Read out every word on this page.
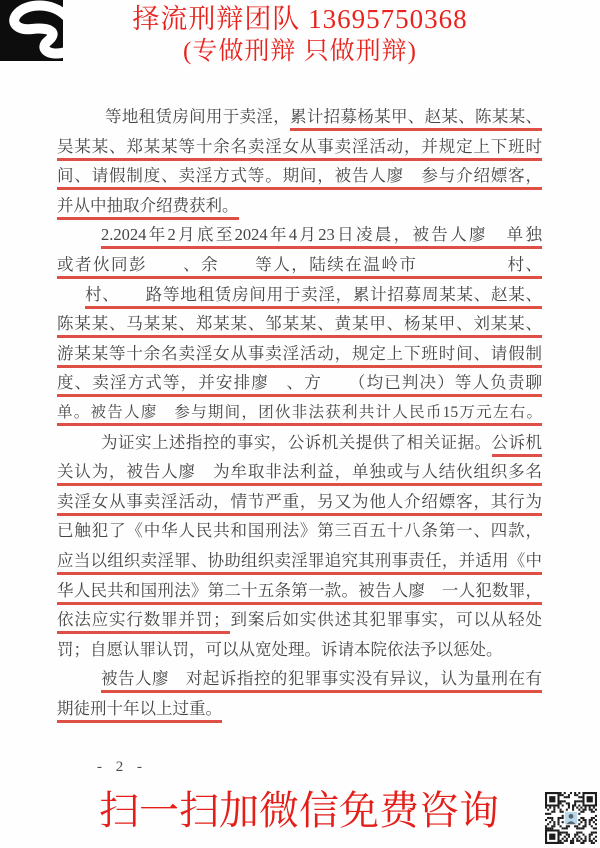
择流刑辩团队 13695750368
(专做刑辩 只做刑辩)
等地租赁房间用于卖淫，累计招募杨某甲、赵某、陈某某、
吴某某、郑某某等十余名卖淫女从事卖淫活动，并规定上下班时
间、请假制度、卖淫方式等。期间，被告人廖　参与介绍嫖客，
并从中抽取介绍费获利。
2.2024年2月底至2024年4月23日凌晨，被告人廖　单独
或者伙同彭　　、余　　等人，陆续在温岭市　　　　　村、
村、　　路等地租赁房间用于卖淫，累计招募周某某、赵某、
陈某某、马某某、郑某某、邹某某、黄某甲、杨某甲、刘某某、
游某某等十余名卖淫女从事卖淫活动，规定上下班时间、请假制
度、卖淫方式等，并安排廖　、方　　（均已判决）等人负责聊
单。被告人廖　参与期间，团伙非法获利共计人民币15万元左右。
为证实上述指控的事实，公诉机关提供了相关证据。公诉机
关认为，被告人廖　为牟取非法利益，单独或与人结伙组织多名
卖淫女从事卖淫活动，情节严重，另又为他人介绍嫖客，其行为
已触犯了《中华人民共和国刑法》第三百五十八条第一、四款，
应当以组织卖淫罪、协助组织卖淫罪追究其刑事责任，并适用《中
华人民共和国刑法》第二十五条第一款。被告人廖　一人犯数罪，
依法应实行数罪并罚；到案后如实供述其犯罪事实，可以从轻处
罚；自愿认罪认罚，可以从宽处理。诉请本院依法予以惩处。
被告人廖　对起诉指控的犯罪事实没有异议，认为量刑在有
期徒刑十年以上过重。
- 2 -
扫一扫加微信免费咨询
